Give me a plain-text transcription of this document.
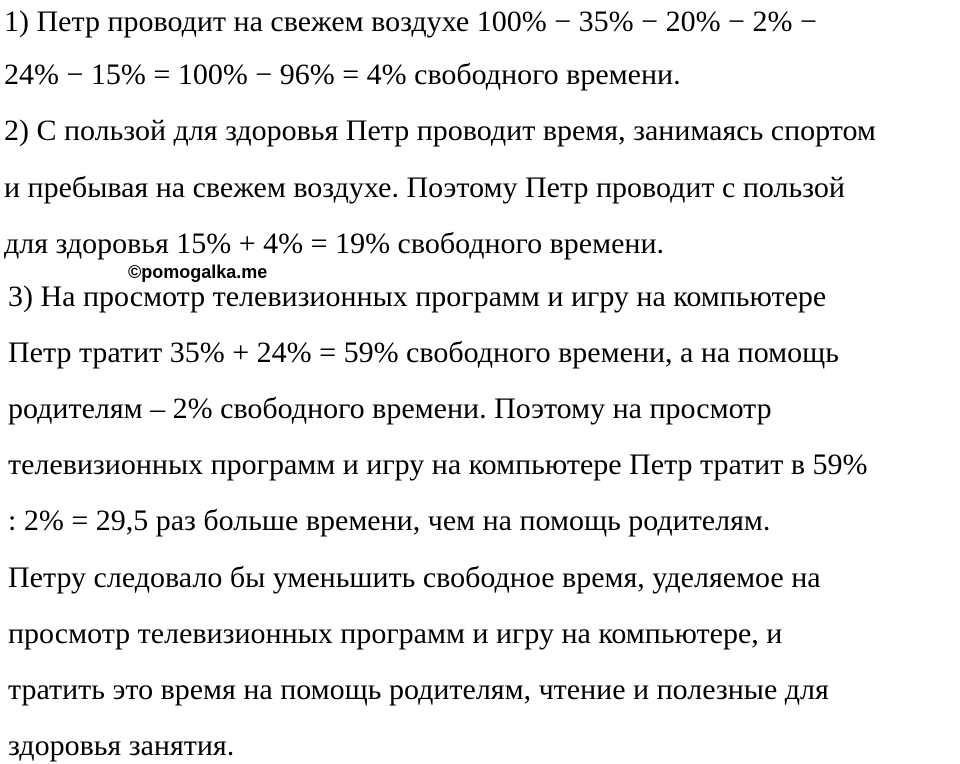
1) Петр проводит на свежем воздухе 100% − 35% − 20% − 2% −

24% − 15% = 100% − 96% = 4% свободного времени.

2) С пользой для здоровья Петр проводит время, занимаясь спортом

и пребывая на свежем воздухе. Поэтому Петр проводит с пользой

для здоровья 15% + 4% = 19% свободного времени.

©pomogalka.me

3) На просмотр телевизионных программ и игру на компьютере

Петр тратит 35% + 24% = 59% свободного времени, а на помощь

родителям – 2% свободного времени. Поэтому на просмотр

телевизионных программ и игру на компьютере Петр тратит в 59%

: 2% = 29,5 раз больше времени, чем на помощь родителям.

Петру следовало бы уменьшить свободное время, уделяемое на

просмотр телевизионных программ и игру на компьютере, и

тратить это время на помощь родителям, чтение и полезные для

здоровья занятия.
